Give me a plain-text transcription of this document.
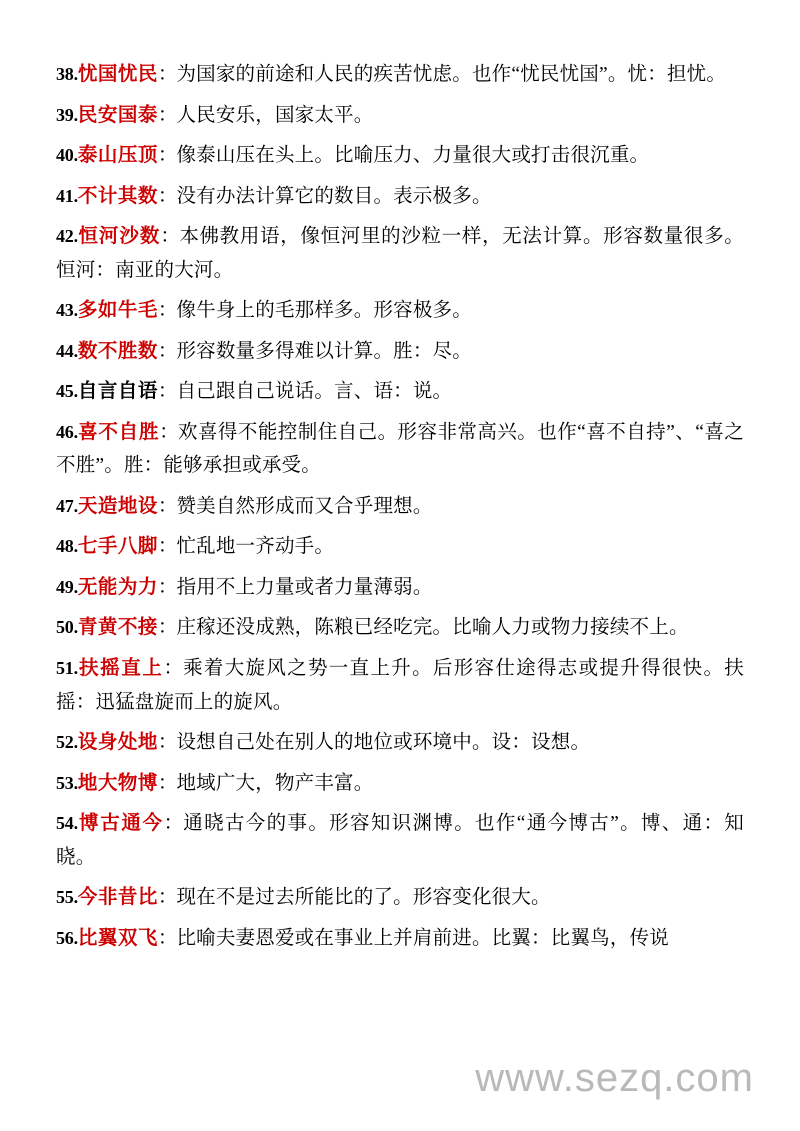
38.忧国忧民：为国家的前途和人民的疾苦忧虑。也作“忧民忧国”。忧：担忧。

39.民安国泰：人民安乐，国家太平。

40.泰山压顶：像泰山压在头上。比喻压力、力量很大或打击很沉重。

41.不计其数：没有办法计算它的数目。表示极多。

42.恒河沙数：本佛教用语，像恒河里的沙粒一样，无法计算。形容数量很多。恒河：南亚的大河。

43.多如牛毛：像牛身上的毛那样多。形容极多。

44.数不胜数：形容数量多得难以计算。胜：尽。

45.自言自语：自己跟自己说话。言、语：说。

46.喜不自胜：欢喜得不能控制住自己。形容非常高兴。也作“喜不自持”、“喜之不胜”。胜：能够承担或承受。

47.天造地设：赞美自然形成而又合乎理想。

48.七手八脚：忙乱地一齐动手。

49.无能为力：指用不上力量或者力量薄弱。

50.青黄不接：庄稼还没成熟，陈粮已经吃完。比喻人力或物力接续不上。

51.扶摇直上：乘着大旋风之势一直上升。后形容仕途得志或提升得很快。扶摇：迅猛盘旋而上的旋风。

52.设身处地：设想自己处在别人的地位或环境中。设：设想。

53.地大物博：地域广大，物产丰富。

54.博古通今：通晓古今的事。形容知识渊博。也作“通今博古”。博、通：知晓。

55.今非昔比：现在不是过去所能比的了。形容变化很大。

56.比翼双飞：比喻夫妻恩爱或在事业上并肩前进。比翼：比翼鸟，传说

www.sezq.com
